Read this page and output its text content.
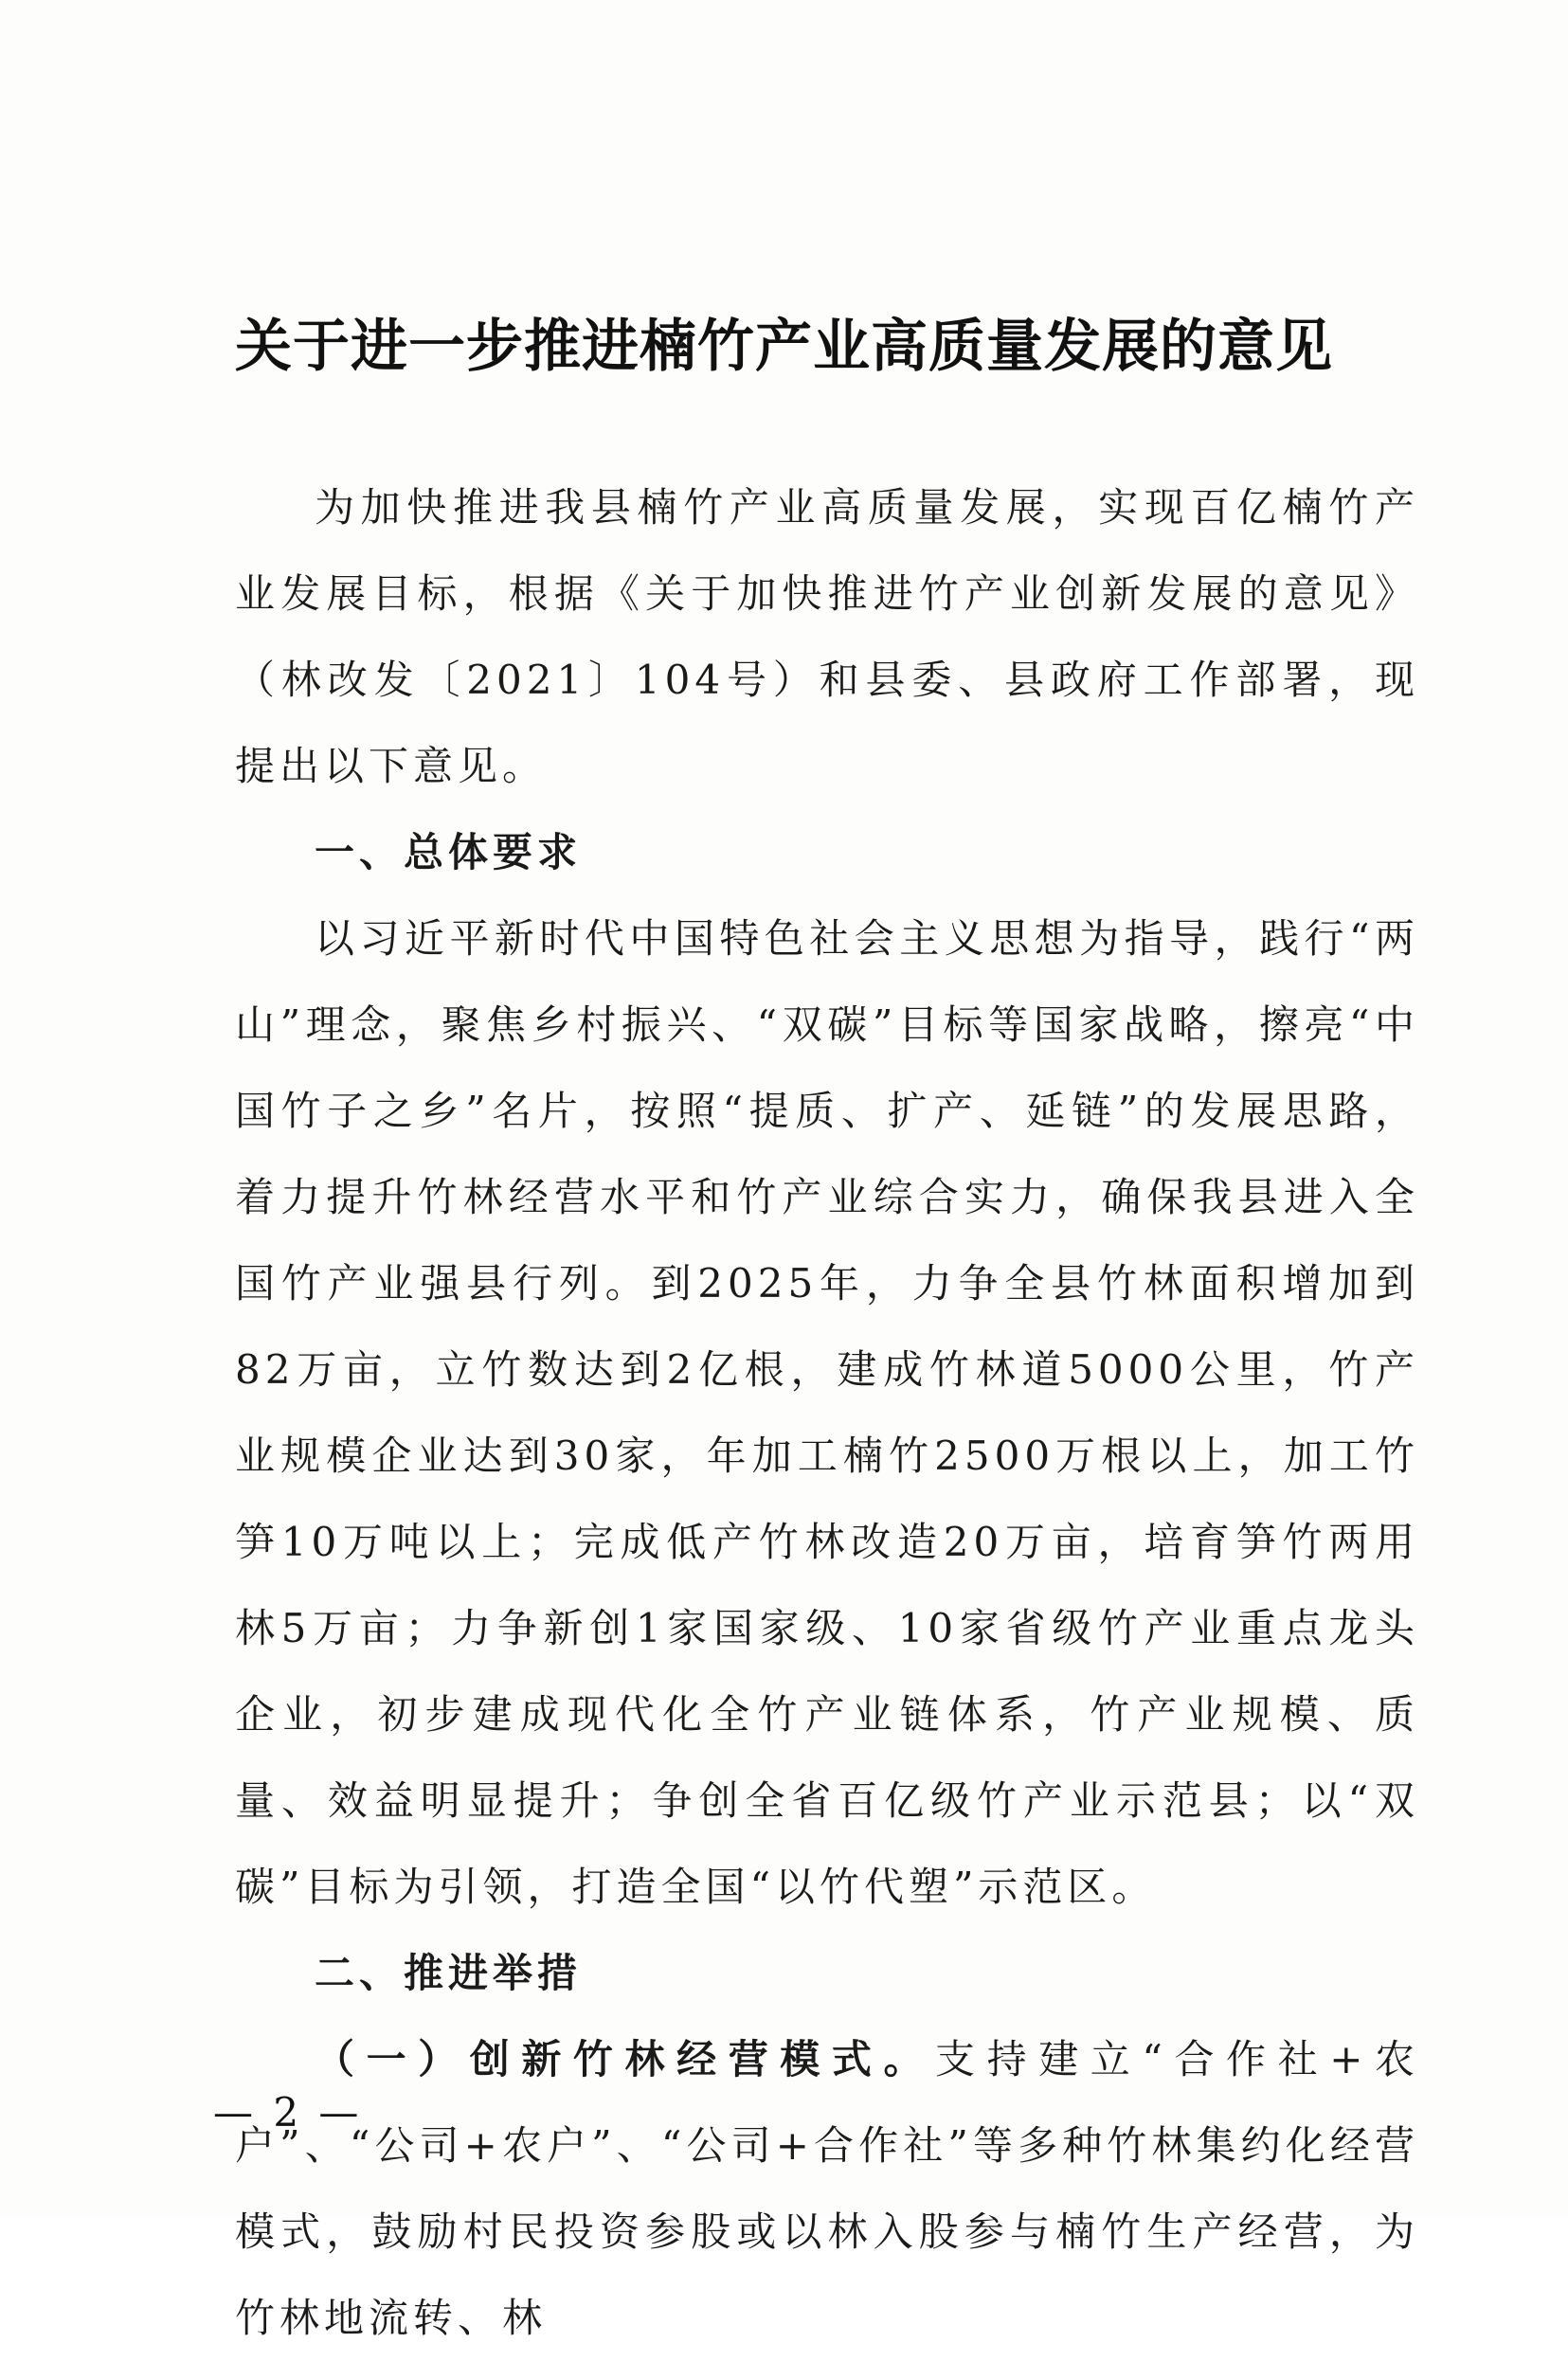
关于进一步推进楠竹产业高质量发展的意见

为加快推进我县楠竹产业高质量发展，实现百亿楠竹产业发展目标，根据《关于加快推进竹产业创新发展的意见》（林改发〔2021〕104号）和县委、县政府工作部署，现提出以下意见。

一、总体要求

以习近平新时代中国特色社会主义思想为指导，践行“两山”理念，聚焦乡村振兴、“双碳”目标等国家战略，擦亮“中国竹子之乡”名片，按照“提质、扩产、延链”的发展思路，着力提升竹林经营水平和竹产业综合实力，确保我县进入全国竹产业强县行列。到2025年，力争全县竹林面积增加到82万亩，立竹数达到2亿根，建成竹林道5000公里，竹产业规模企业达到30家，年加工楠竹2500万根以上，加工竹笋10万吨以上；完成低产竹林改造20万亩，培育笋竹两用林5万亩；力争新创1家国家级、10家省级竹产业重点龙头企业，初步建成现代化全竹产业链体系，竹产业规模、质量、效益明显提升；争创全省百亿级竹产业示范县；以“双碳”目标为引领，打造全国“以竹代塑”示范区。

二、推进举措

（一）创新竹林经营模式。支持建立“合作社+农户”、“公司+农户”、“公司+合作社”等多种竹林集约化经营模式，鼓励村民投资参股或以林入股参与楠竹生产经营，为竹林地流转、林

— 2 —
